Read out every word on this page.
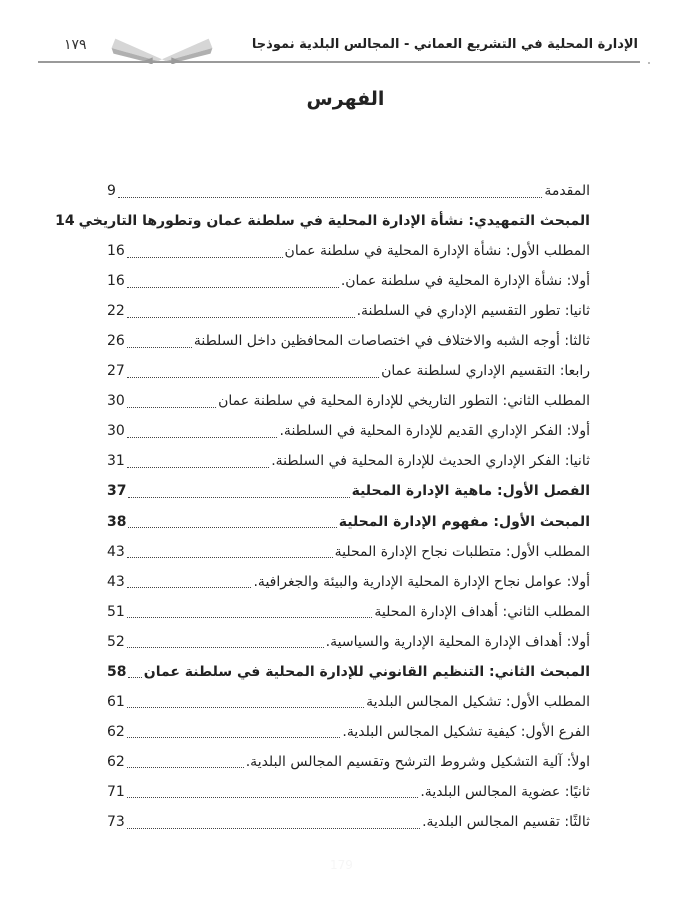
الإدارة المحلية في التشريع العماني - المجالس البلدية نموذجا
١٧٩
الفهرس
المقدمة
9
المبحث التمهيدي: نشأة الإدارة المحلية في سلطنة عمان وتطورها التاريخي
14
المطلب الأول: نشأة الإدارة المحلية في سلطنة عمان
16
أولا: نشأة الإدارة المحلية في سلطنة عمان.
16
ثانيا: تطور التقسيم الإداري في السلطنة.
22
ثالثا: أوجه الشبه والاختلاف في اختصاصات المحافظين داخل السلطنة
26
رابعا: التقسيم الإداري لسلطنة عمان
27
المطلب الثاني: التطور التاريخي للإدارة المحلية في سلطنة عمان
30
أولا: الفكر الإداري القديم للإدارة المحلية في السلطنة.
30
ثانيا: الفكر الإداري الحديث للإدارة المحلية في السلطنة.
31
الفصل الأول: ماهية الإدارة المحلية
37
المبحث الأول: مفهوم الإدارة المحلية
38
المطلب الأول: متطلبات نجاح الإدارة المحلية
43
أولا: عوامل نجاح الإدارة المحلية الإدارية والبيئة والجغرافية.
43
المطلب الثاني: أهداف الإدارة المحلية
51
أولا: أهداف الإدارة المحلية الإدارية والسياسية.
52
المبحث الثاني: التنظيم القانوني للإدارة المحلية في سلطنة عمان
58
المطلب الأول: تشكيل المجالس البلدية
61
الفرع الأول: كيفية تشكيل المجالس البلدية.
62
اولأ: آلية التشكيل وشروط الترشح وتقسيم المجالس البلدية.
62
ثانيًا: عضوية المجالس البلدية.
71
ثالثًا: تقسيم المجالس البلدية.
73
179
